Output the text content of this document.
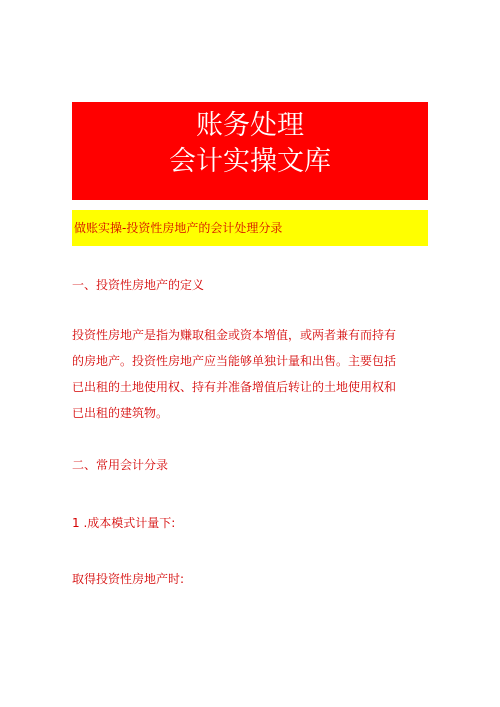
账务处理
会计实操文库
做账实操-投资性房地产的会计处理分录
一、投资性房地产的定义
投资性房地产是指为赚取租金或资本增值，或两者兼有而持有
的房地产。投资性房地产应当能够单独计量和出售。主要包括
已出租的土地使用权、持有并准备增值后转让的土地使用权和
已出租的建筑物。
二、常用会计分录
1 .成本模式计量下:
取得投资性房地产时:
